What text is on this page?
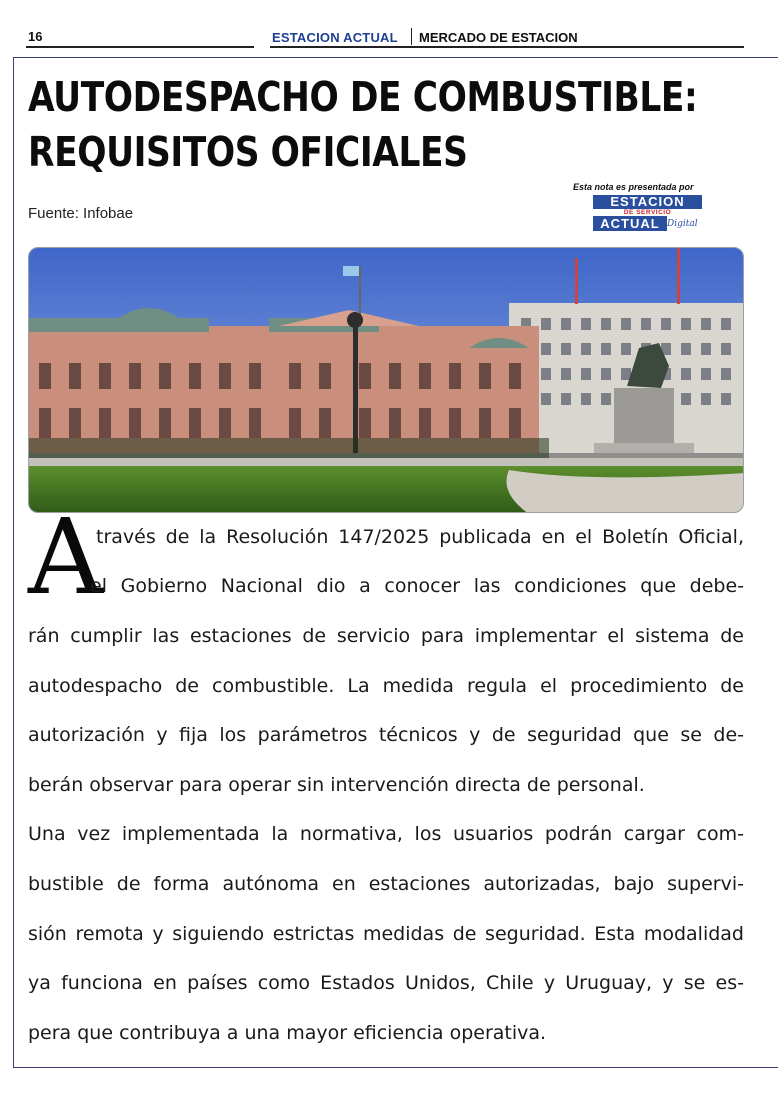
16	ESTACION ACTUAL MERCADO DE ESTACION
AUTODESPACHO DE COMBUSTIBLE:
REQUISITOS OFICIALES
Fuente: Infobae
Esta nota es presentada por
ESTACION
DE SERVICIO
ACTUAL Digital
A
través de la Resolución 147/2025 publicada en el Boletín Oficial,
el Gobierno Nacional dio a conocer las condiciones que debe-
rán cumplir las estaciones de servicio para implementar el sistema de
autodespacho de combustible. La medida regula el procedimiento de
autorización y fija los parámetros técnicos y de seguridad que se de-
berán observar para operar sin intervención directa de personal.
Una vez implementada la normativa, los usuarios podrán cargar com-
bustible de forma autónoma en estaciones autorizadas, bajo supervi-
sión remota y siguiendo estrictas medidas de seguridad. Esta modalidad
ya funciona en países como Estados Unidos, Chile y Uruguay, y se es-
pera que contribuya a una mayor eficiencia operativa.
